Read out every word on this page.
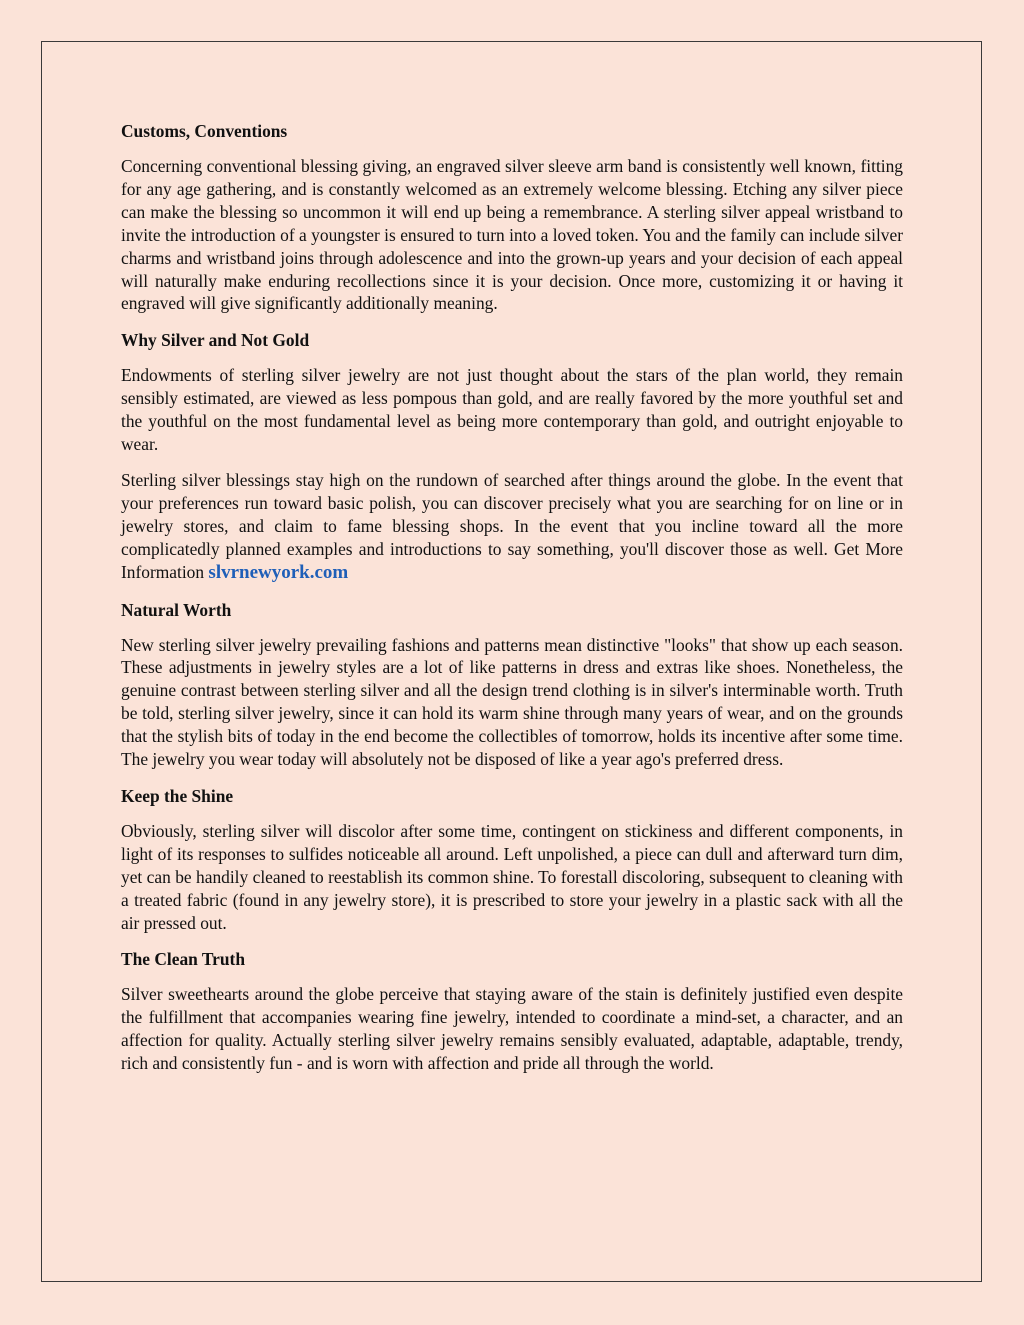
Customs, Conventions

Concerning conventional blessing giving, an engraved silver sleeve arm band is consistently well known, fitting for any age gathering, and is constantly welcomed as an extremely welcome blessing. Etching any silver piece can make the blessing so uncommon it will end up being a remembrance. A sterling silver appeal wristband to invite the introduction of a youngster is ensured to turn into a loved token. You and the family can include silver charms and wristband joins through adolescence and into the grown-up years and your decision of each appeal will naturally make enduring recollections since it is your decision. Once more, customizing it or having it engraved will give significantly additionally meaning.

Why Silver and Not Gold

Endowments of sterling silver jewelry are not just thought about the stars of the plan world, they remain sensibly estimated, are viewed as less pompous than gold, and are really favored by the more youthful set and the youthful on the most fundamental level as being more contemporary than gold, and outright enjoyable to wear.

Sterling silver blessings stay high on the rundown of searched after things around the globe. In the event that your preferences run toward basic polish, you can discover precisely what you are searching for on line or in jewelry stores, and claim to fame blessing shops. In the event that you incline toward all the more complicatedly planned examples and introductions to say something, you'll discover those as well. Get More Information slvrnewyork.com

Natural Worth

New sterling silver jewelry prevailing fashions and patterns mean distinctive "looks" that show up each season. These adjustments in jewelry styles are a lot of like patterns in dress and extras like shoes. Nonetheless, the genuine contrast between sterling silver and all the design trend clothing is in silver's interminable worth. Truth be told, sterling silver jewelry, since it can hold its warm shine through many years of wear, and on the grounds that the stylish bits of today in the end become the collectibles of tomorrow, holds its incentive after some time. The jewelry you wear today will absolutely not be disposed of like a year ago's preferred dress.

Keep the Shine

Obviously, sterling silver will discolor after some time, contingent on stickiness and different components, in light of its responses to sulfides noticeable all around. Left unpolished, a piece can dull and afterward turn dim, yet can be handily cleaned to reestablish its common shine. To forestall discoloring, subsequent to cleaning with a treated fabric (found in any jewelry store), it is prescribed to store your jewelry in a plastic sack with all the air pressed out.

The Clean Truth

Silver sweethearts around the globe perceive that staying aware of the stain is definitely justified even despite the fulfillment that accompanies wearing fine jewelry, intended to coordinate a mind-set, a character, and an affection for quality. Actually sterling silver jewelry remains sensibly evaluated, adaptable, adaptable, trendy, rich and consistently fun - and is worn with affection and pride all through the world.
